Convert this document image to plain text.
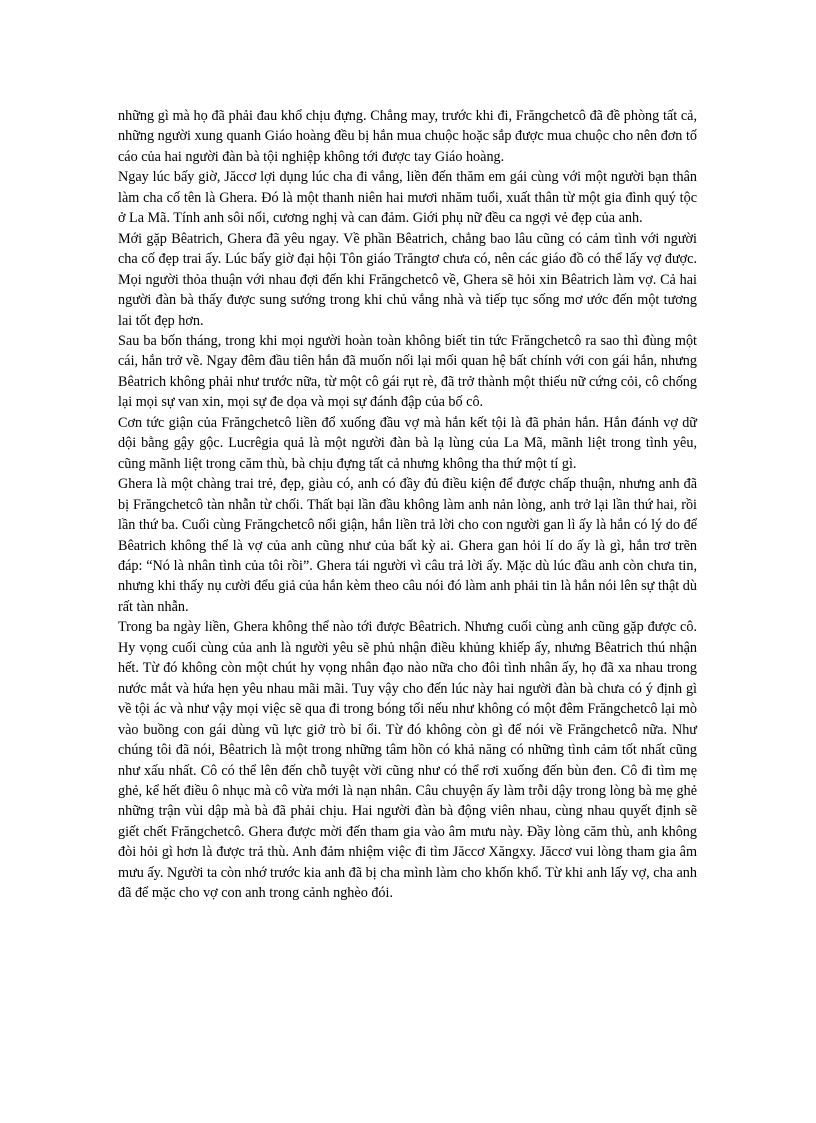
những gì mà họ đã phải đau khổ chịu đựng. Chẳng may, trước khi đi, Frăngchetcô đã đề phòng tất cả, những người xung quanh Giáo hoàng đều bị hắn mua chuộc hoặc sắp được mua chuộc cho nên đơn tố cáo của hai người đàn bà tội nghiệp không tới được tay Giáo hoàng.

Ngay lúc bấy giờ, Jăccơ lợi dụng lúc cha đi vắng, liền đến thăm em gái cùng với một người bạn thân làm cha cố tên là Ghera. Đó là một thanh niên hai mươi nhăm tuổi, xuất thân từ một gia đình quý tộc ở La Mã. Tính anh sôi nổi, cương nghị và can đảm. Giới phụ nữ đều ca ngợi vẻ đẹp của anh.

Mới gặp Bêatrich, Ghera đã yêu ngay. Về phần Bêatrich, chẳng bao lâu cũng có cảm tình với người cha cố đẹp trai ấy. Lúc bấy giờ đại hội Tôn giáo Trăngtơ chưa có, nên các giáo đồ có thể lấy vợ được. Mọi người thỏa thuận với nhau đợi đến khi Frăngchetcô về, Ghera sẽ hỏi xin Bêatrich làm vợ. Cả hai người đàn bà thấy được sung sướng trong khi chủ vắng nhà và tiếp tục sống mơ ước đến một tương lai tốt đẹp hơn.

Sau ba bốn tháng, trong khi mọi người hoàn toàn không biết tin tức Frăngchetcô ra sao thì đùng một cái, hắn trở về. Ngay đêm đầu tiên hắn đã muốn nối lại mối quan hệ bất chính với con gái hắn, nhưng Bêatrich không phải như trước nữa, từ một cô gái rụt rè, đã trở thành một thiếu nữ cứng cỏi, cô chống lại mọi sự van xin, mọi sự đe dọa và mọi sự đánh đập của bố cô.

Cơn tức giận của Frăngchetcô liền đổ xuống đầu vợ mà hắn kết tội là đã phản hắn. Hắn đánh vợ dữ dội bằng gậy gộc. Lucrêgia quả là một người đàn bà lạ lùng của La Mã, mãnh liệt trong tình yêu, cũng mãnh liệt trong căm thù, bà chịu đựng tất cả nhưng không tha thứ một tí gì.

Ghera là một chàng trai trẻ, đẹp, giàu có, anh có đầy đủ điều kiện để được chấp thuận, nhưng anh đã bị Frăngchetcô tàn nhẫn từ chối. Thất bại lần đầu không làm anh nản lòng, anh trở lại lần thứ hai, rồi lần thứ ba. Cuối cùng Frăngchetcô nổi giận, hắn liền trả lời cho con người gan lì ấy là hắn có lý do để Bêatrich không thể là vợ của anh cũng như của bất kỳ ai. Ghera gan hỏi lí do ấy là gì, hắn trơ trẽn đáp: “Nó là nhân tình của tôi rồi”. Ghera tái người vì câu trả lời ấy. Mặc dù lúc đầu anh còn chưa tin, nhưng khi thấy nụ cười đểu giả của hắn kèm theo câu nói đó làm anh phải tin là hắn nói lên sự thật dù rất tàn nhẫn.

Trong ba ngày liền, Ghera không thể nào tới được Bêatrich. Nhưng cuối cùng anh cũng gặp được cô. Hy vọng cuối cùng của anh là người yêu sẽ phủ nhận điều khủng khiếp ấy, nhưng Bêatrich thú nhận hết. Từ đó không còn một chút hy vọng nhân đạo nào nữa cho đôi tình nhân ấy, họ đã xa nhau trong nước mắt và hứa hẹn yêu nhau mãi mãi. Tuy vậy cho đến lúc này hai người đàn bà chưa có ý định gì về tội ác và như vậy mọi việc sẽ qua đi trong bóng tối nếu như không có một đêm Frăngchetcô lại mò vào buồng con gái dùng vũ lực giở trò bỉ ổi. Từ đó không còn gì để nói về Frăngchetcô nữa. Như chúng tôi đã nói, Bêatrich là một trong những tâm hồn có khả năng có những tình cảm tốt nhất cũng như xấu nhất. Cô có thể lên đến chỗ tuyệt vời cũng như có thể rơi xuống đến bùn đen. Cô đi tìm mẹ ghẻ, kể hết điều ô nhục mà cô vừa mới là nạn nhân. Câu chuyện ấy làm trỗi dậy trong lòng bà mẹ ghẻ những trận vùi dập mà bà đã phải chịu. Hai người đàn bà động viên nhau, cùng nhau quyết định sẽ giết chết Frăngchetcô. Ghera được mời đến tham gia vào âm mưu này. Đầy lòng căm thù, anh không đòi hỏi gì hơn là được trả thù. Anh đảm nhiệm việc đi tìm Jăccơ Xăngxy. Jăccơ vui lòng tham gia âm mưu ấy. Người ta còn nhớ trước kia anh đã bị cha mình làm cho khốn khổ. Từ khi anh lấy vợ, cha anh đã để mặc cho vợ con anh trong cảnh nghèo đói.
